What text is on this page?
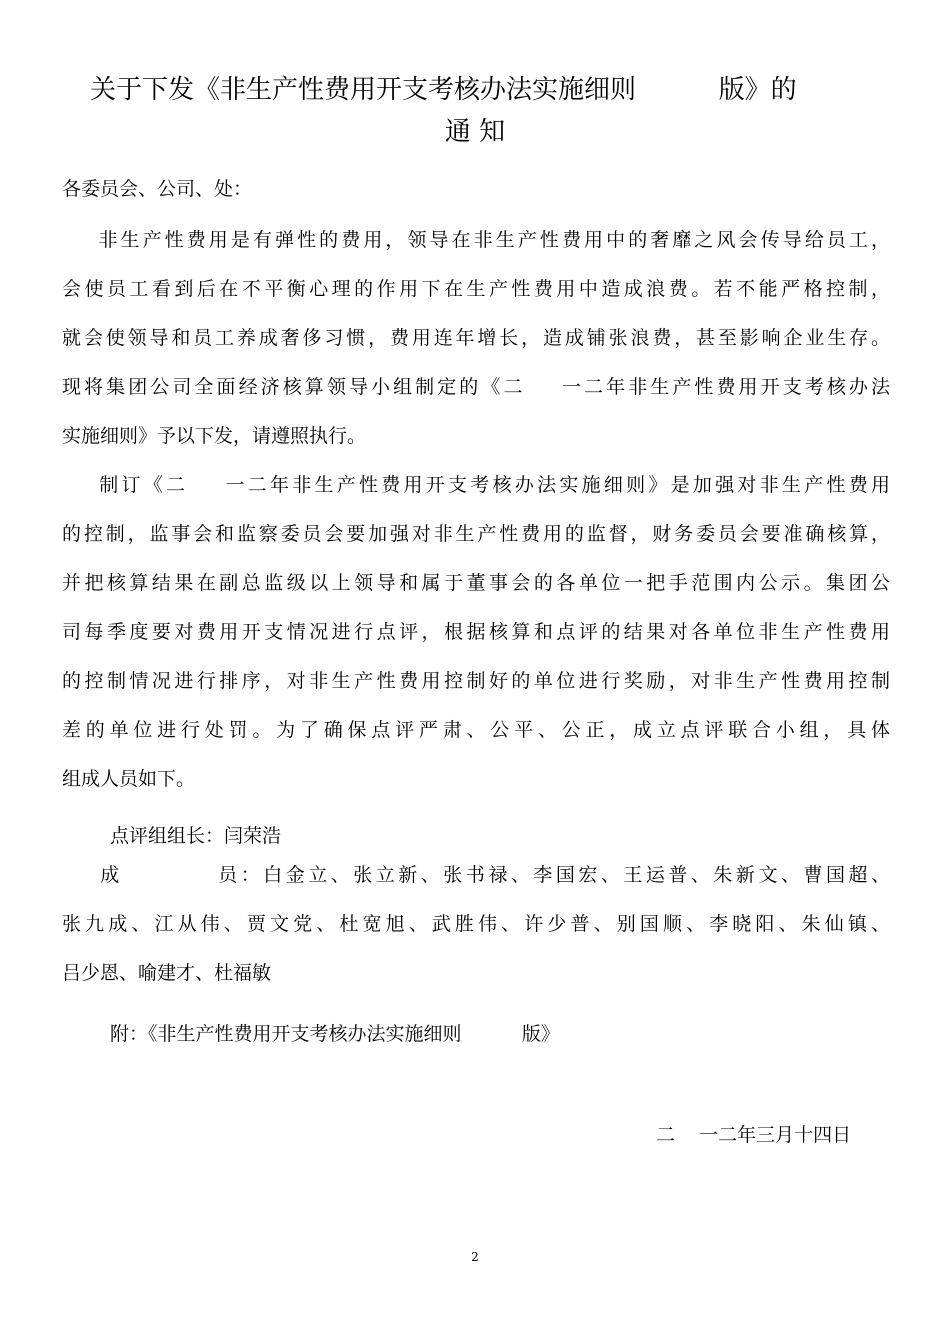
关于下发《非生产性费用开支考核办法实施细则          版》的
通 知
各委员会、公司、处：
非生产性费用是有弹性的费用，领导在非生产性费用中的奢靡之风会传导给员工，
会使员工看到后在不平衡心理的作用下在生产性费用中造成浪费。若不能严格控制，
就会使领导和员工养成奢侈习惯，费用连年增长，造成铺张浪费，甚至影响企业生存。
现将集团公司全面经济核算领导小组制定的《二    一二年非生产性费用开支考核办法
实施细则》予以下发，请遵照执行。
制订《二    一二年非生产性费用开支考核办法实施细则》是加强对非生产性费用
的控制，监事会和监察委员会要加强对非生产性费用的监督，财务委员会要准确核算，
并把核算结果在副总监级以上领导和属于董事会的各单位一把手范围内公示。集团公
司每季度要对费用开支情况进行点评，根据核算和点评的结果对各单位非生产性费用
的控制情况进行排序，对非生产性费用控制好的单位进行奖励，对非生产性费用控制
差的单位进行处罚。为了确保点评严肃、公平、公正，成立点评联合小组，具体
组成人员如下。
点评组组长：闫荣浩
成          员：白金立、张立新、张书禄、李国宏、王运普、朱新文、曹国超、
张九成、江从伟、贾文党、杜宽旭、武胜伟、许少普、别国顺、李晓阳、朱仙镇、
吕少恩、喻建才、杜福敏
附：《非生产性费用开支考核办法实施细则          版》
二    一二年三月十四日
2
